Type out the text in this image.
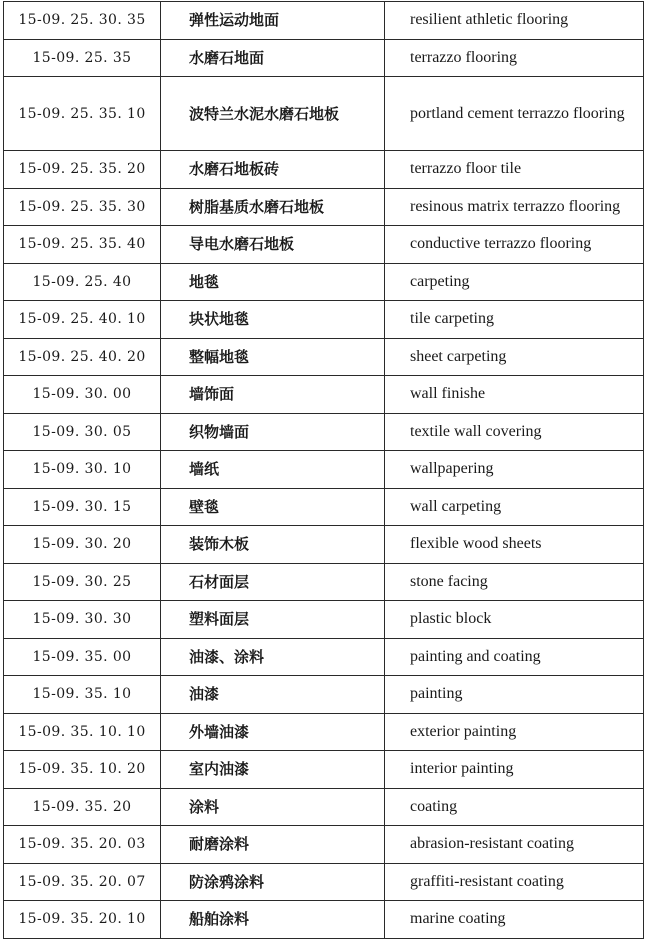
15-09. 25. 30. 35	弹性运动地面	resilient athletic flooring
15-09. 25. 35	水磨石地面	terrazzo flooring
15-09. 25. 35. 10	波特兰水泥水磨石地板	portland cement terrazzo flooring
15-09. 25. 35. 20	水磨石地板砖	terrazzo floor tile
15-09. 25. 35. 30	树脂基质水磨石地板	resinous matrix terrazzo flooring
15-09. 25. 35. 40	导电水磨石地板	conductive terrazzo flooring
15-09. 25. 40	地毯	carpeting
15-09. 25. 40. 10	块状地毯	tile carpeting
15-09. 25. 40. 20	整幅地毯	sheet carpeting
15-09. 30. 00	墙饰面	wall finishe
15-09. 30. 05	织物墙面	textile wall covering
15-09. 30. 10	墙纸	wallpapering
15-09. 30. 15	壁毯	wall carpeting
15-09. 30. 20	装饰木板	flexible wood sheets
15-09. 30. 25	石材面层	stone facing
15-09. 30. 30	塑料面层	plastic block
15-09. 35. 00	油漆、涂料	painting and coating
15-09. 35. 10	油漆	painting
15-09. 35. 10. 10	外墙油漆	exterior painting
15-09. 35. 10. 20	室内油漆	interior painting
15-09. 35. 20	涂料	coating
15-09. 35. 20. 03	耐磨涂料	abrasion-resistant coating
15-09. 35. 20. 07	防涂鸦涂料	graffiti-resistant coating
15-09. 35. 20. 10	船舶涂料	marine coating
